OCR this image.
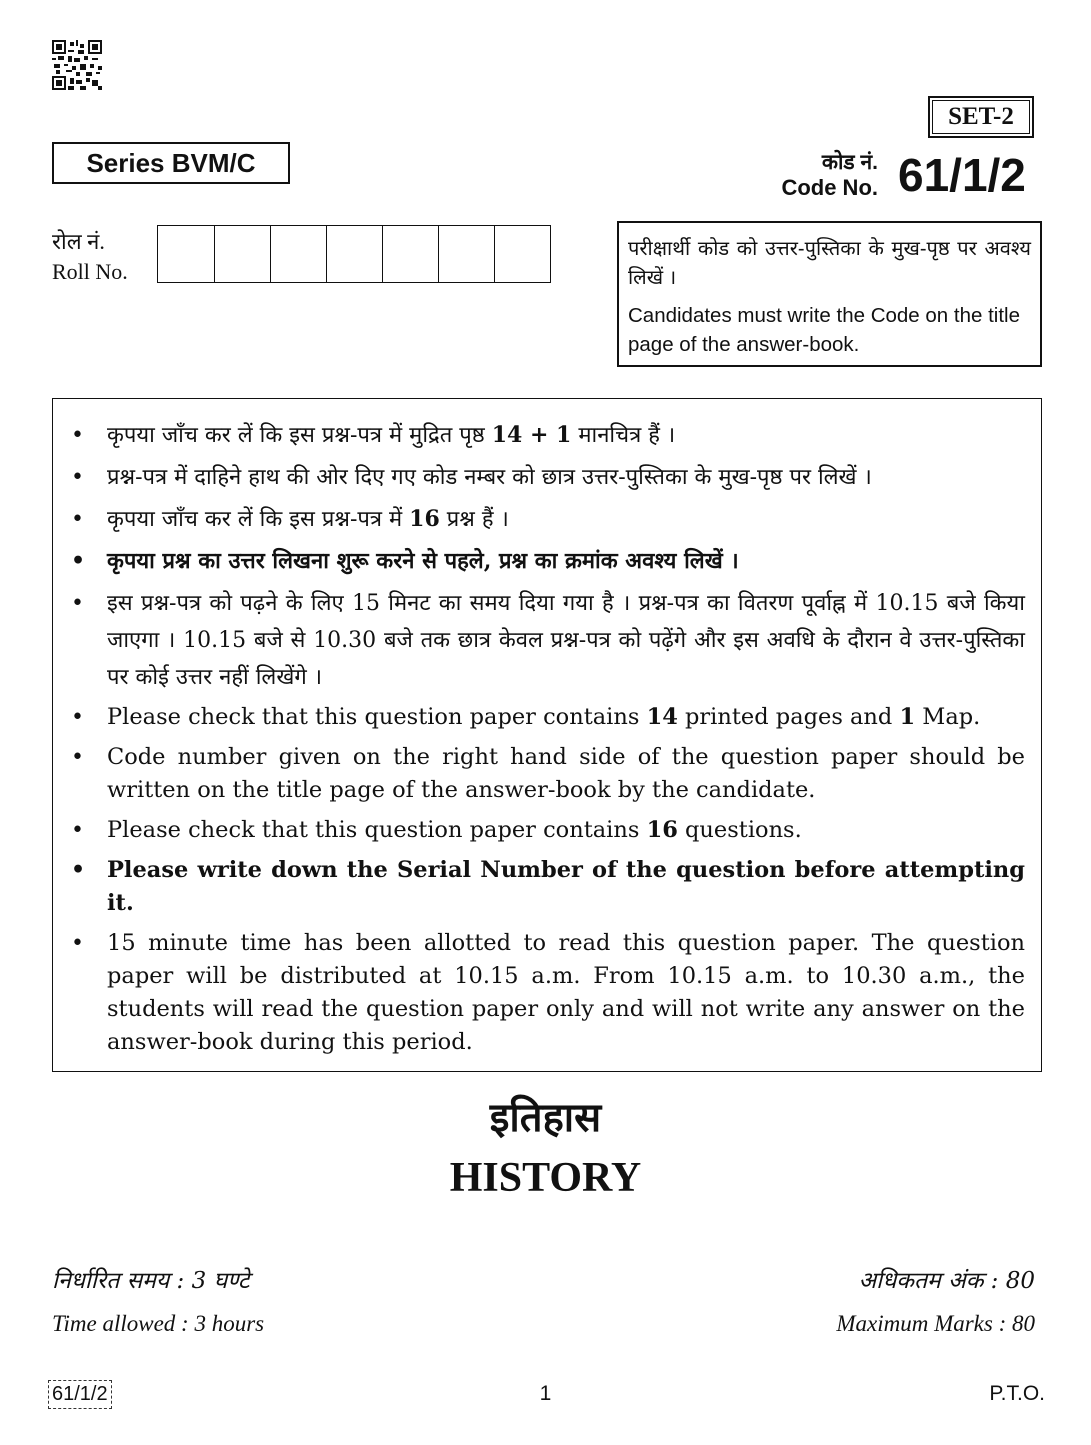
SET-2
Series BVM/C	कोड नं.
Code No. 61/1/2
रोल नं.
Roll No.
परीक्षार्थी कोड को उत्तर-पुस्तिका के मुख-पृष्ठ पर अवश्य लिखें ।
Candidates must write the Code on the title page of the answer-book.
• कृपया जाँच कर लें कि इस प्रश्न-पत्र में मुद्रित पृष्ठ 14 + 1 मानचित्र हैं ।
• प्रश्न-पत्र में दाहिने हाथ की ओर दिए गए कोड नम्बर को छात्र उत्तर-पुस्तिका के मुख-पृष्ठ पर लिखें ।
• कृपया जाँच कर लें कि इस प्रश्न-पत्र में 16 प्रश्न हैं ।
• कृपया प्रश्न का उत्तर लिखना शुरू करने से पहले, प्रश्न का क्रमांक अवश्य लिखें ।
• इस प्रश्न-पत्र को पढ़ने के लिए 15 मिनट का समय दिया गया है । प्रश्न-पत्र का वितरण पूर्वाह्न में 10.15 बजे किया जाएगा । 10.15 बजे से 10.30 बजे तक छात्र केवल प्रश्न-पत्र को पढ़ेंगे और इस अवधि के दौरान वे उत्तर-पुस्तिका पर कोई उत्तर नहीं लिखेंगे ।
• Please check that this question paper contains 14 printed pages and 1 Map.
• Code number given on the right hand side of the question paper should be written on the title page of the answer-book by the candidate.
• Please check that this question paper contains 16 questions.
• Please write down the Serial Number of the question before attempting it.
• 15 minute time has been allotted to read this question paper. The question paper will be distributed at 10.15 a.m. From 10.15 a.m. to 10.30 a.m., the students will read the question paper only and will not write any answer on the answer-book during this period.
इतिहास
HISTORY
निर्धारित समय : 3 घण्टे
Time allowed : 3 hours
अधिकतम अंक : 80
Maximum Marks : 80
61/1/2	1	P.T.O.
